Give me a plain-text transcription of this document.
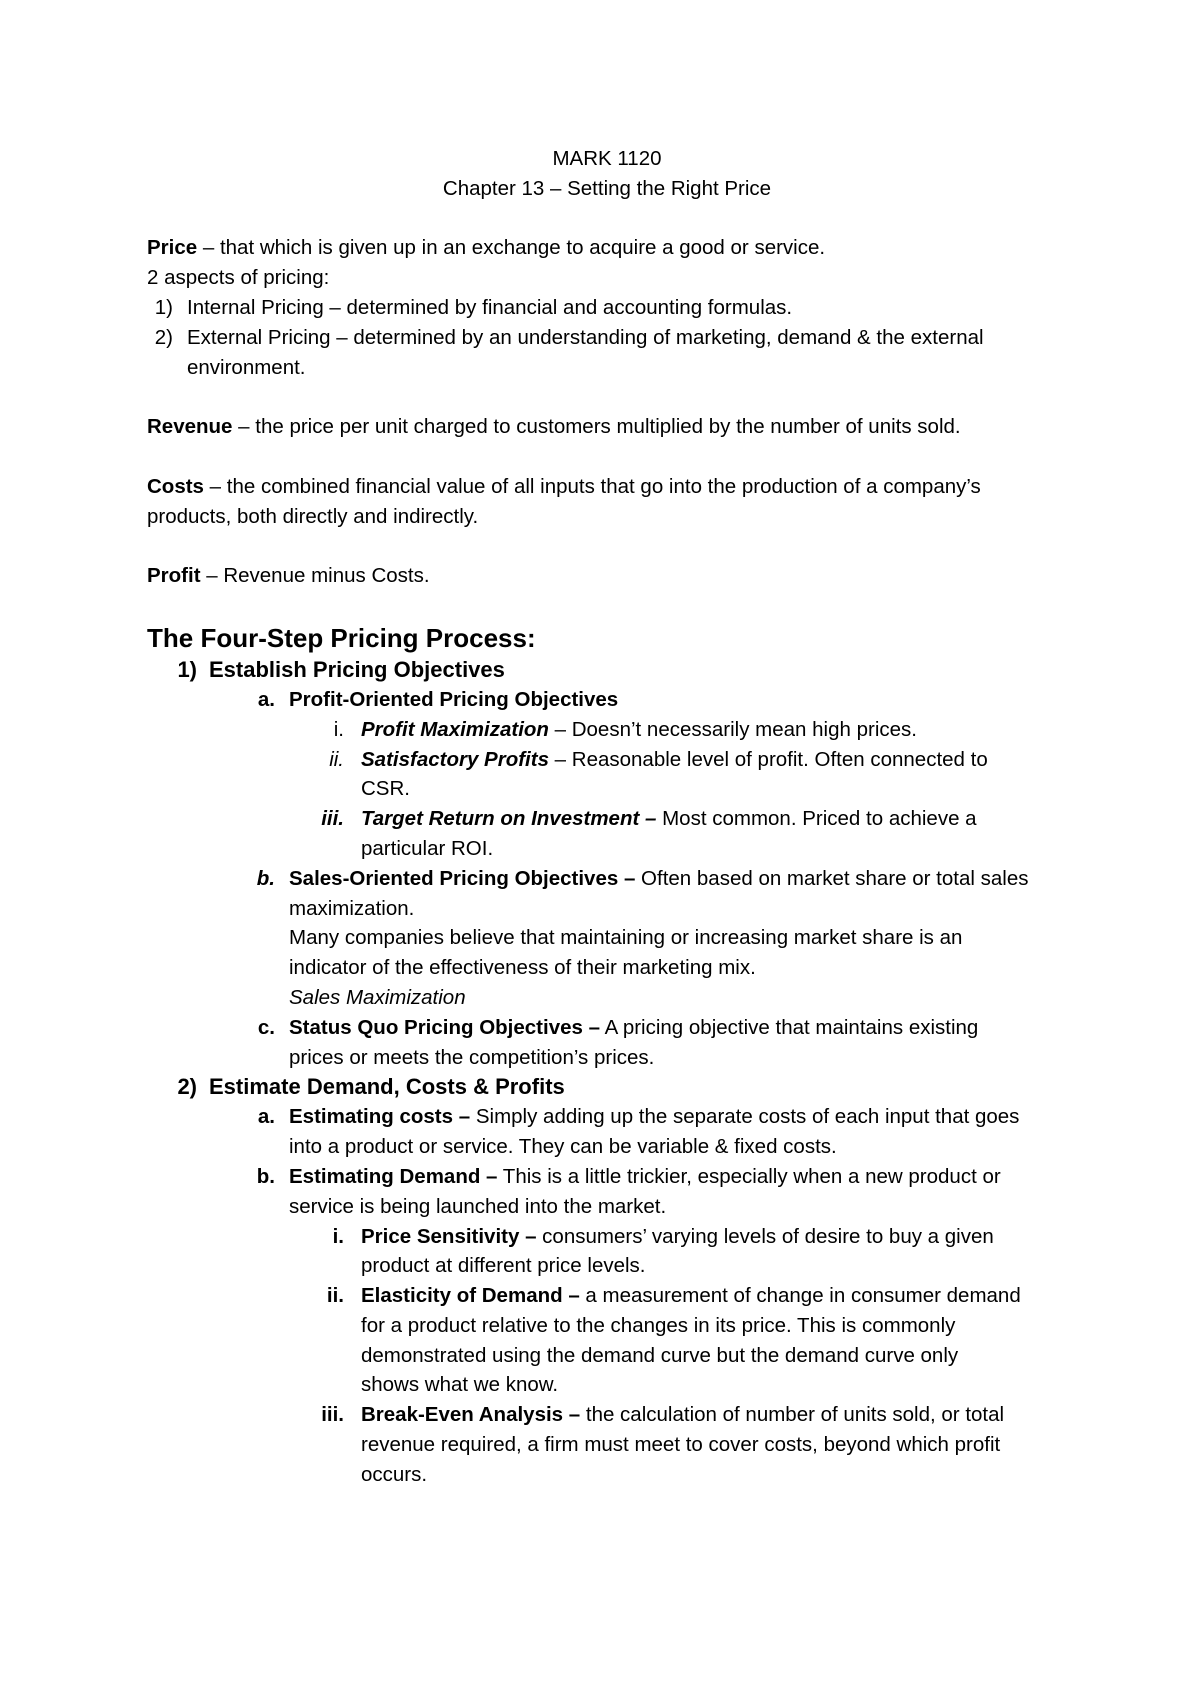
MARK 1120
Chapter 13 – Setting the Right Price
Price – that which is given up in an exchange to acquire a good or service.
2 aspects of pricing:
1) Internal Pricing – determined by financial and accounting formulas.
2) External Pricing – determined by an understanding of marketing, demand & the external environment.
Revenue – the price per unit charged to customers multiplied by the number of units sold.
Costs – the combined financial value of all inputs that go into the production of a company’s products, both directly and indirectly.
Profit – Revenue minus Costs.
The Four-Step Pricing Process:
1) Establish Pricing Objectives
a. Profit-Oriented Pricing Objectives
i. Profit Maximization – Doesn’t necessarily mean high prices.
ii. Satisfactory Profits – Reasonable level of profit. Often connected to CSR.
iii. Target Return on Investment – Most common. Priced to achieve a particular ROI.
b. Sales-Oriented Pricing Objectives – Often based on market share or total sales maximization.
Many companies believe that maintaining or increasing market share is an indicator of the effectiveness of their marketing mix.
Sales Maximization
c. Status Quo Pricing Objectives – A pricing objective that maintains existing prices or meets the competition’s prices.
2) Estimate Demand, Costs & Profits
a. Estimating costs – Simply adding up the separate costs of each input that goes into a product or service. They can be variable & fixed costs.
b. Estimating Demand – This is a little trickier, especially when a new product or service is being launched into the market.
i. Price Sensitivity – consumers’ varying levels of desire to buy a given product at different price levels.
ii. Elasticity of Demand – a measurement of change in consumer demand for a product relative to the changes in its price. This is commonly demonstrated using the demand curve but the demand curve only shows what we know.
iii. Break-Even Analysis – the calculation of number of units sold, or total revenue required, a firm must meet to cover costs, beyond which profit occurs.
